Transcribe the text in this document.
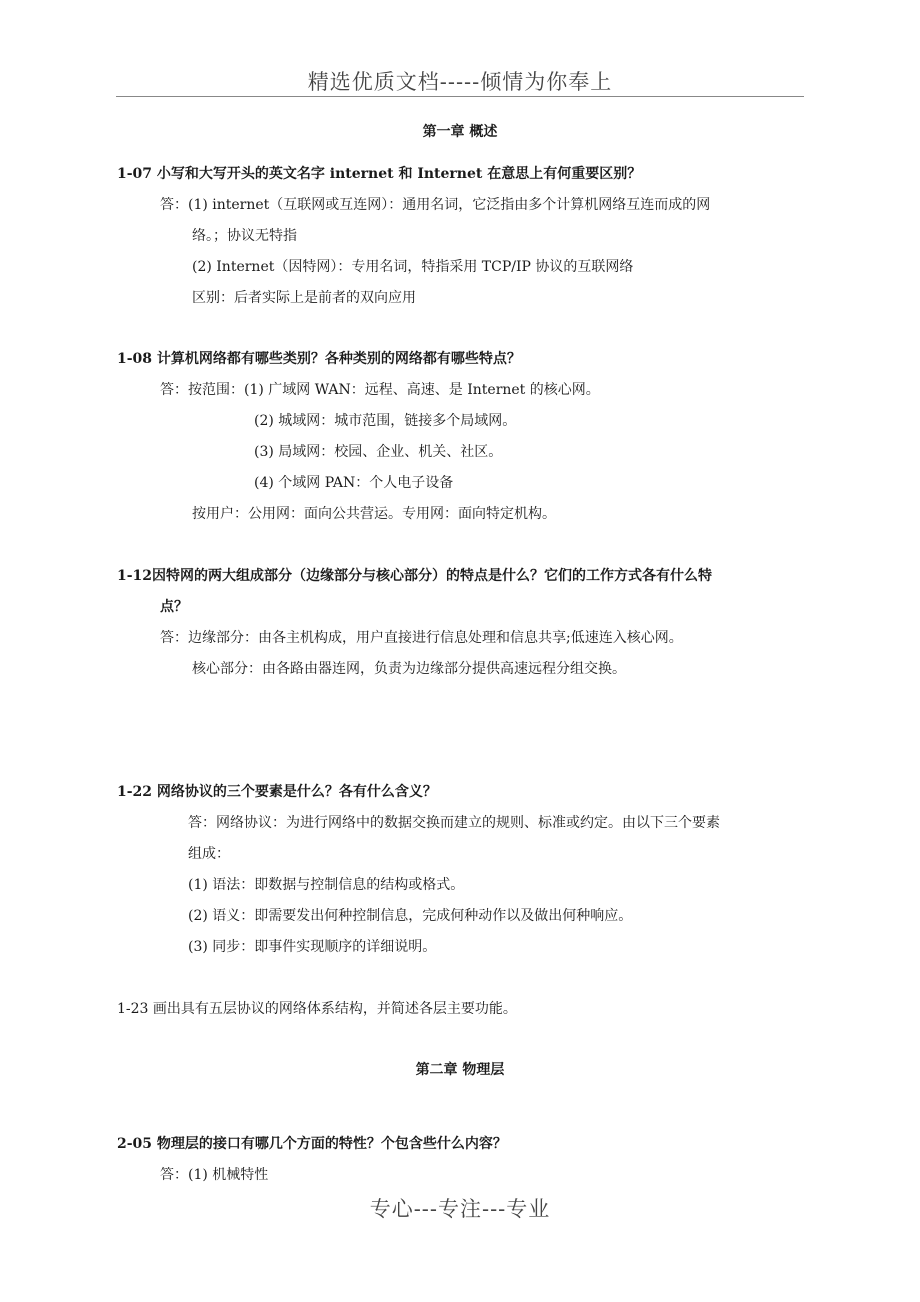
精选优质文档-----倾情为你奉上
第一章 概述
1-07 小写和大写开头的英文名字 internet 和 Internet 在意思上有何重要区别？
答：(1) internet（互联网或互连网）：通用名词，它泛指由多个计算机网络互连而成的网
络。；协议无特指
(2) Internet（因特网）：专用名词，特指采用 TCP/IP 协议的互联网络
区别：后者实际上是前者的双向应用
1-08 计算机网络都有哪些类别？各种类别的网络都有哪些特点？
答：按范围：(1) 广域网 WAN：远程、高速、是 Internet 的核心网。
(2) 城域网：城市范围，链接多个局域网。
(3) 局域网：校园、企业、机关、社区。
(4) 个域网 PAN：个人电子设备
按用户：公用网：面向公共营运。专用网：面向特定机构。
1-12因特网的两大组成部分（边缘部分与核心部分）的特点是什么？它们的工作方式各有什么特
点？
答：边缘部分：由各主机构成，用户直接进行信息处理和信息共享;低速连入核心网。
核心部分：由各路由器连网，负责为边缘部分提供高速远程分组交换。
1-22 网络协议的三个要素是什么？各有什么含义？
答：网络协议：为进行网络中的数据交换而建立的规则、标准或约定。由以下三个要素
组成：
(1) 语法：即数据与控制信息的结构或格式。
(2) 语义：即需要发出何种控制信息，完成何种动作以及做出何种响应。
(3) 同步：即事件实现顺序的详细说明。
1-23 画出具有五层协议的网络体系结构，并简述各层主要功能。
第二章 物理层
2-05 物理层的接口有哪几个方面的特性？个包含些什么内容？
答：(1) 机械特性
专心---专注---专业
